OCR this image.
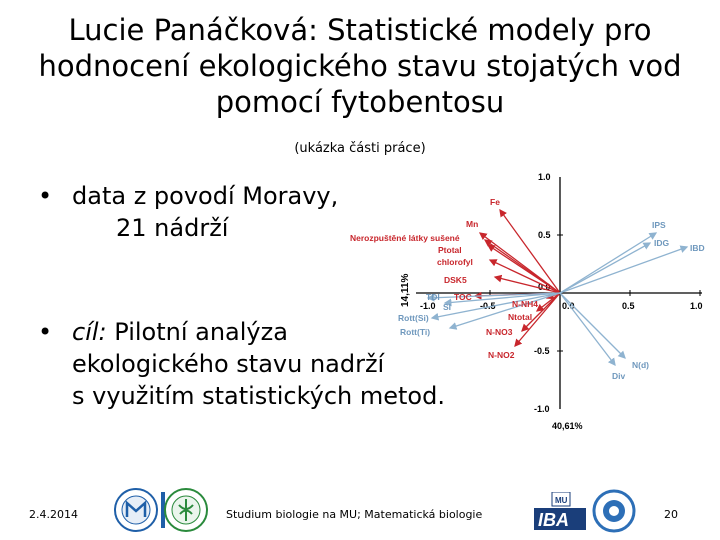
Lucie Panáčková: Statistické modely pro
hodnocení ekologického stavu stojatých vod
pomocí fytobentosu
(ukázka části práce)
• data z povodí Moravy,
21 nádrží
• cíl: Pilotní analýza
ekologického stavu nadrží
s využitím statistických metod.
-1.0	-0.5	0.0	0.5	1.0
1.0
0.5
0.0
-0.5
-1.0
40,61%
14,11%
Fe
Mn
Nerozpuštěné látky sušené
Ptotal
chlorofyl
DSK5
TOC
N-NH4
Ntotal
N-NO3
N-NO2
IPS
IDG IBD
N(d)
Div
TDI
SI
Rott(Si)
Rott(Ti)
2.4.2014	Studium biologie na MU; Matematická biologie
MU
IBA	20
